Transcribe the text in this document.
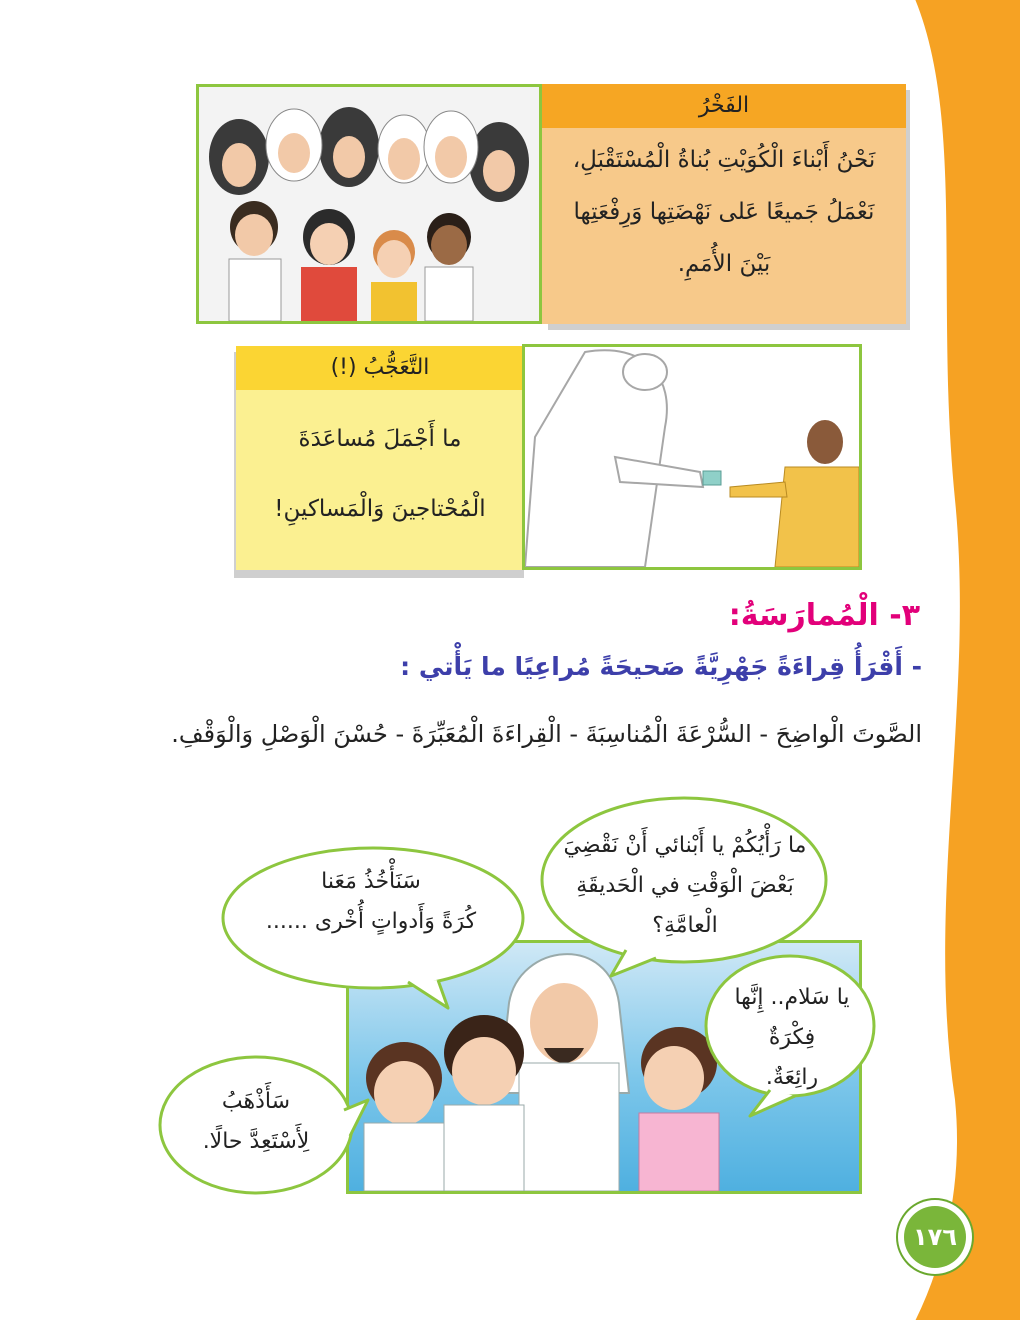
الفَخْرُ
نَحْنُ أَبْناءَ الْكُوَيْتِ بُناةُ الْمُسْتَقْبَلِ،
نَعْمَلُ جَميعًا عَلى نَهْضَتِها وَرِفْعَتِها
بَيْنَ الأُمَمِ.
التَّعَجُّبُ (!)
ما أَجْمَلَ مُساعَدَةَ
الْمُحْتاجينَ وَالْمَساكينِ!
٣- الْمُمارَسَةُ:
- أَقْرَأُ قِراءَةً جَهْرِيَّةً صَحيحَةً مُراعِيًا ما يَأْتي :
الصَّوتَ الْواضِحَ - السُّرْعَةَ الْمُناسِبَةَ - الْقِراءَةَ الْمُعَبِّرَةَ - حُسْنَ الْوَصْلِ وَالْوَقْفِ.
ما رَأْيُكُمْ يا أَبْنائي أَنْ نَقْضِيَ
بَعْضَ الْوَقْتِ في الْحَديقَةِ الْعامَّةِ؟
سَنَأْخُذُ مَعَنا
كُرَةً وَأَدواتٍ أُخْرى ......
يا سَلام.. إِنَّها فِكْرَةٌ
رائِعَةٌ.
سَأَذْهَبُ
لِأَسْتَعِدَّ حالًا.
١٧٦
